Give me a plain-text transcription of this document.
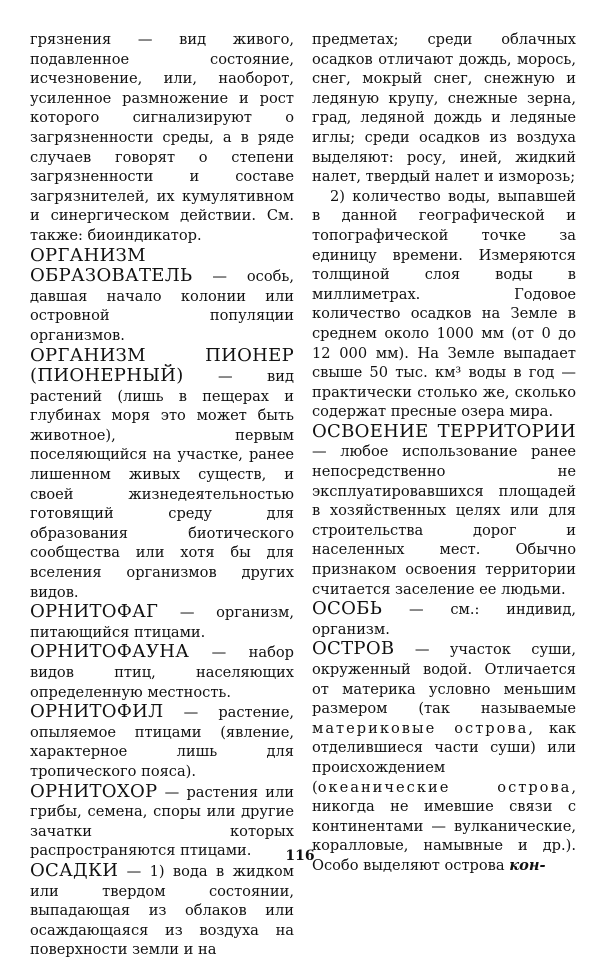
грязнения — вид живого, подавленное состояние, исчезновение, или, наоборот, усиленное размножение и рост которого сигнализируют о загрязненности среды, а в ряде случаев говорят о степени загрязненности и составе загрязнителей, их кумулятивном и синергическом действии. См. также: биоиндикатор.

ОРГАНИЗМ ОБРАЗОВАТЕЛЬ — особь, давшая начало колонии или островной популяции организмов.

ОРГАНИЗМ ПИОНЕР (ПИОНЕРНЫЙ) — вид растений (лишь в пещерах и глубинах моря это может быть животное), первым поселяющийся на участке, ранее лишенном живых существ, и своей жизнедеятельностью готовящий среду для образования биотического сообщества или хотя бы для вселения организмов других видов.

ОРНИТОФАГ — организм, питающийся птицами.

ОРНИТОФАУНА — набор видов птиц, населяющих определенную местность.

ОРНИТОФИЛ — растение, опыляемое птицами (явление, характерное лишь для тропического пояса).

ОРНИТОХОР — растения или грибы, семена, споры или другие зачатки которых распространяются птицами.

ОСАДКИ — 1) вода в жидком или твердом состоянии, выпадающая из облаков или осаждающаяся из воздуха на поверхности земли и на

предметах; среди облачных осадков отличают дождь, морось, снег, мокрый снег, снежную и ледяную крупу, снежные зерна, град, ледяной дождь и ледяные иглы; среди осадков из воздуха выделяют: росу, иней, жидкий налет, твердый налет и изморозь;

2) количество воды, выпавшей в данной географической и топографической точке за единицу времени. Измеряются толщиной слоя воды в миллиметрах. Годовое количество осадков на Земле в среднем около 1000 мм (от 0 до 12 000 мм). На Земле выпадает свыше 50 тыс. км³ воды в год — практически столько же, сколько содержат пресные озера мира.

ОСВОЕНИЕ ТЕРРИТОРИИ — любое использование ранее непосредственно не эксплуатировавшихся площадей в хозяйственных целях или для строительства дорог и населенных мест. Обычно признаком освоения территории считается заселение ее людьми.

ОСОБЬ — см.: индивид, организм.

ОСТРОВ — участок суши, окруженный водой. Отличается от материка условно меньшим размером (так называемые материковые острова, как отделившиеся части суши) или происхождением (океанические острова, никогда не имевшие связи с континентами — вулканические, коралловые, намывные и др.). Особо выделяют острова кон-

116
